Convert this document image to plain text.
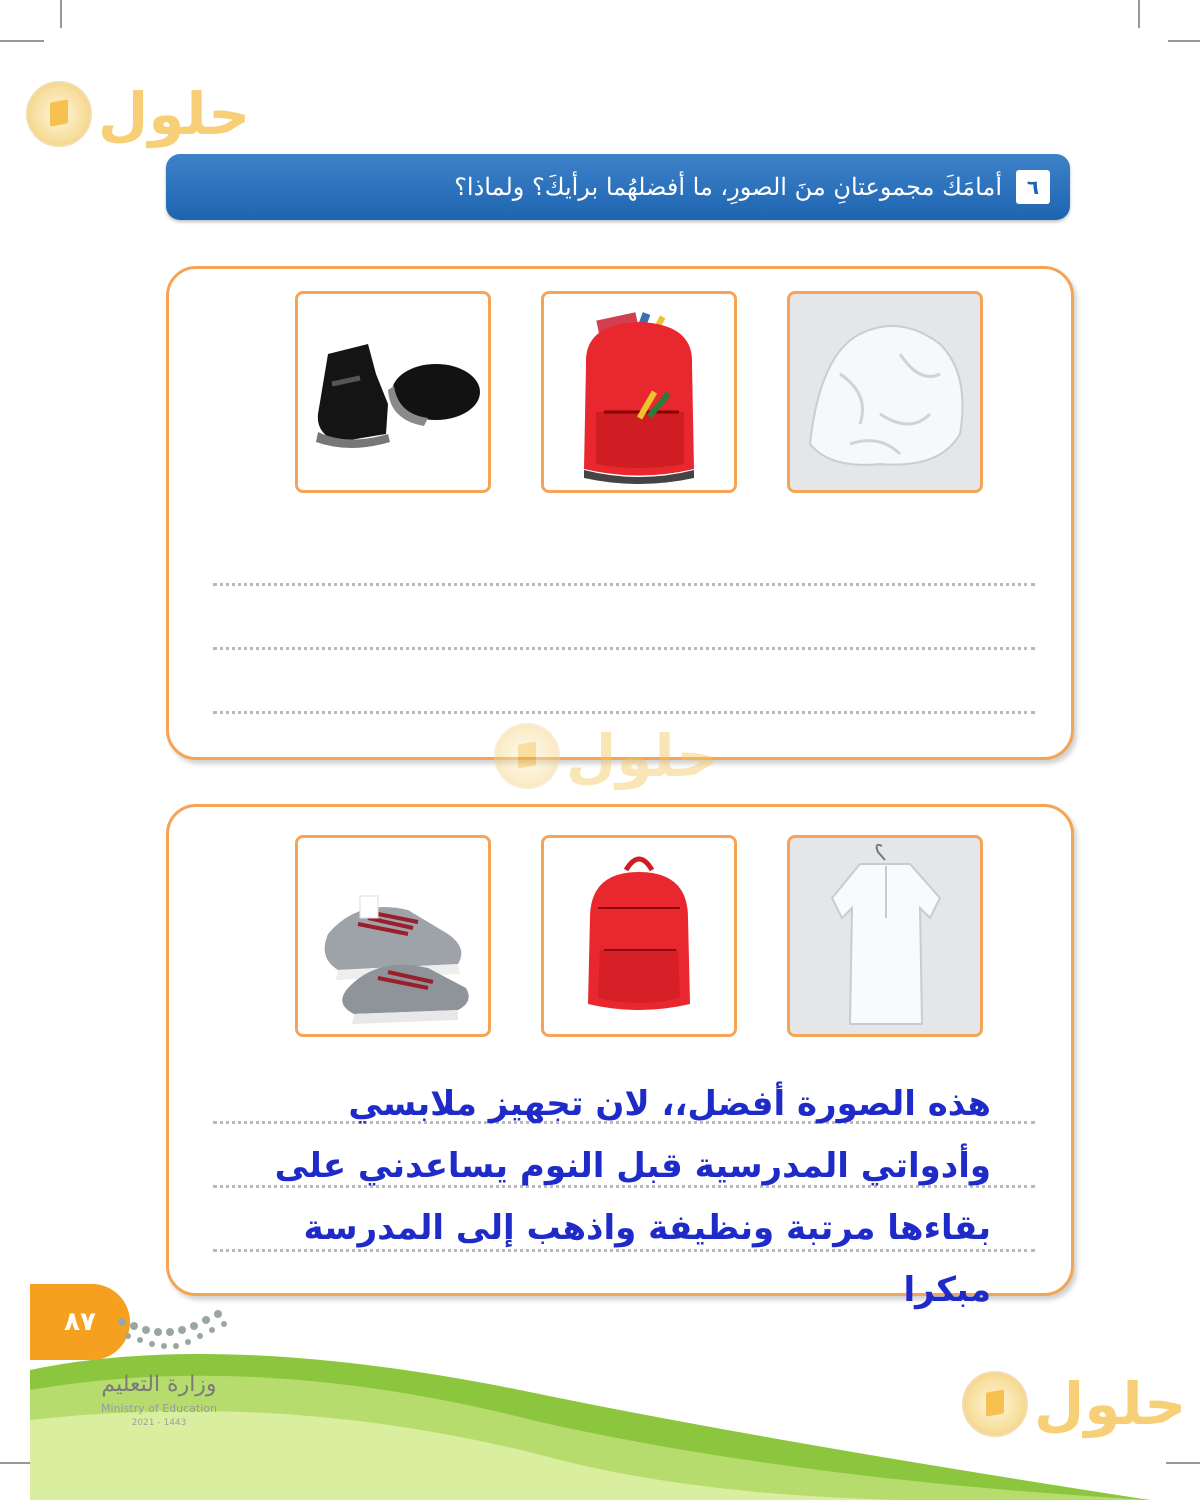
حلول
٦
أمامَكَ مجموعتانِ منَ الصورِ، ما أفضلهُما برأيكَ؟ ولماذا؟
حلول
هذه الصورة أفضل،، لان تجهيز ملابسي وأدواتي المدرسية قبل النوم يساعدني على بقاءها مرتبة ونظيفة واذهب إلى المدرسة مبكرا
٨٧
وزارة التعليم
Ministry of Education
2021 - 1443	حلول
